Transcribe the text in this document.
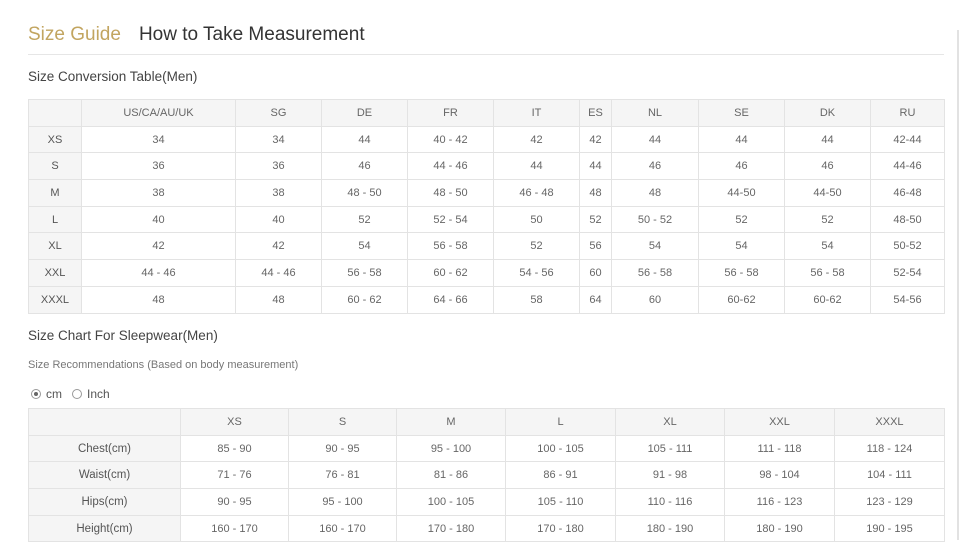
Size Guide How to Take Measurement
Size Conversion Table(Men)
	US/CA/AU/UK	SG	DE	FR	IT	ES	NL	SE	DK	RU
XS	34	34	44	40 - 42	42	42	44	44	44	42-44
S	36	36	46	44 - 46	44	44	46	46	46	44-46
M	38	38	48 - 50	48 - 50	46 - 48	48	48	44-50	44-50	46-48
L	40	40	52	52 - 54	50	52	50 - 52	52	52	48-50
XL	42	42	54	56 - 58	52	56	54	54	54	50-52
XXL	44 - 46	44 - 46	56 - 58	60 - 62	54 - 56	60	56 - 58	56 - 58	56 - 58	52-54
XXXL	48	48	60 - 62	64 - 66	58	64	60	60-62	60-62	54-56
Size Chart For Sleepwear(Men)
Size Recommendations (Based on body measurement)
cm Inch
	XS	S	M	L	XL	XXL	XXXL
Chest(cm)	85 - 90	90 - 95	95 - 100	100 - 105	105 - 111	111 - 118	118 - 124
Waist(cm)	71 - 76	76 - 81	81 - 86	86 - 91	91 - 98	98 - 104	104 - 111
Hips(cm)	90 - 95	95 - 100	100 - 105	105 - 110	110 - 116	116 - 123	123 - 129
Height(cm)	160 - 170	160 - 170	170 - 180	170 - 180	180 - 190	180 - 190	190 - 195
